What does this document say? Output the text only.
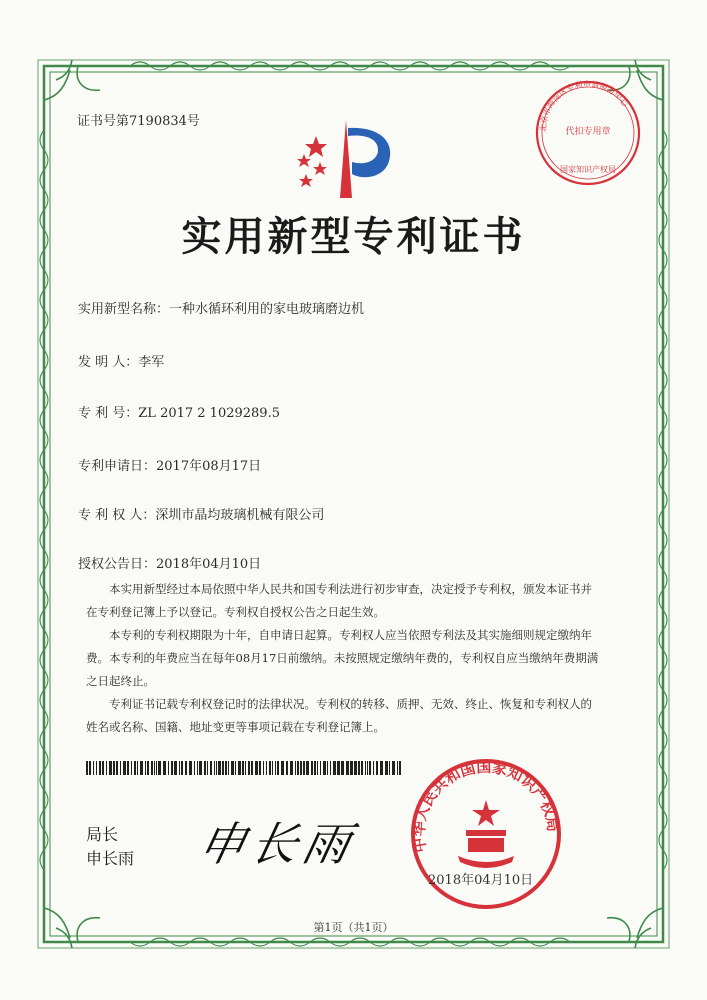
证书号第7190834号
实用新型专利证书
北京市海淀区专利申请服务中心
代扣专用章
国家知识产权局
实用新型名称：一种水循环利用的家电玻璃磨边机
发 明 人：李军
专 利 号：ZL 2017 2 1029289.5
专利申请日：2017年08月17日
专 利 权 人：深圳市晶均玻璃机械有限公司
授权公告日：2018年04月10日

本实用新型经过本局依照中华人民共和国专利法进行初步审查，决定授予专利权，颁发本证书并在专利登记簿上予以登记。专利权自授权公告之日起生效。

本专利的专利权期限为十年，自申请日起算。专利权人应当依照专利法及其实施细则规定缴纳年费。本专利的年费应当在每年08月17日前缴纳。未按照规定缴纳年费的，专利权自应当缴纳年费期满之日起终止。

专利证书记载专利权登记时的法律状况。专利权的转移、质押、无效、终止、恢复和专利权人的姓名或名称、国籍、地址变更等事项记载在专利登记簿上。

局长
申长雨 申长雨	中华人民共和国国家知识产权局
2018年04月10日
第1页（共1页）
